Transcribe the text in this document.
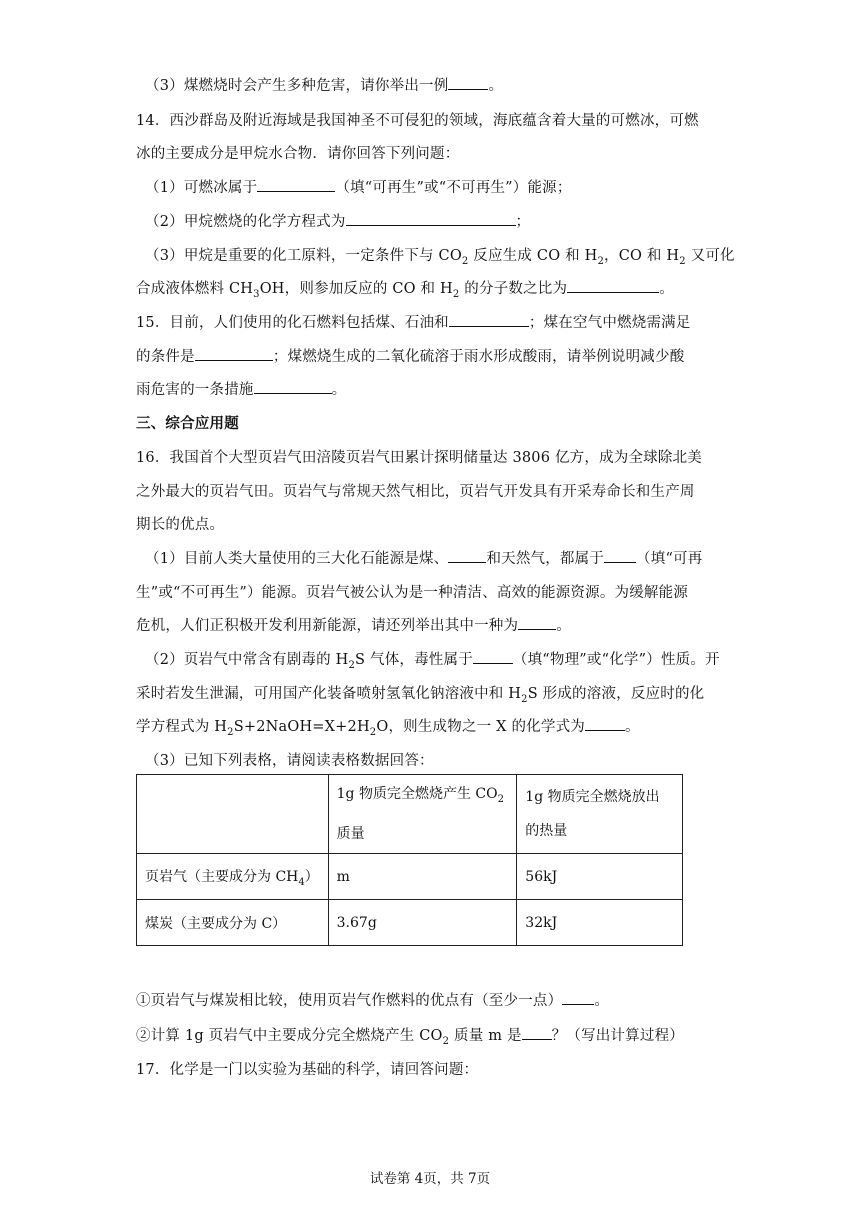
（3）煤燃烧时会产生多种危害，请你举出一例	。
14．西沙群岛及附近海域是我国神圣不可侵犯的领域，海底蕴含着大量的可燃冰，可燃
冰的主要成分是甲烷水合物．请你回答下列问题：
（1）可燃冰属于	（填“可再生”或“不可再生”）能源；
（2）甲烷燃烧的化学方程式为	；
（3）甲烷是重要的化工原料，一定条件下与 $CO_2$ 反应生成 CO 和 $H_2$，CO 和 $H_2$ 又可化
合成液体燃料 $CH_3OH$，则参加反应的 CO 和 $H_2$ 的分子数之比为	。
15．目前，人们使用的化石燃料包括煤、石油和	；煤在空气中燃烧需满足
的条件是	；煤燃烧生成的二氧化硫溶于雨水形成酸雨，请举例说明减少酸
雨危害的一条措施	。
三、综合应用题
16．我国首个大型页岩气田涪陵页岩气田累计探明储量达 3806 亿方，成为全球除北美
之外最大的页岩气田。页岩气与常规天然气相比，页岩气开发具有开采寿命长和生产周
期长的优点。
（1）目前人类大量使用的三大化石能源是煤、	和天然气，都属于 （填“可再
生”或“不可再生”）能源。页岩气被公认为是一种清洁、高效的能源资源。为缓解能源
危机，人们正积极开发利用新能源，请还列举出其中一种为	。
（2）页岩气中常含有剧毒的 $H_2S$ 气体，毒性属于	（填“物理”或“化学”）性质。开
采时若发生泄漏，可用国产化装备喷射氢氧化钠溶液中和 $H_2S$ 形成的溶液，反应时的化
学方程式为 $H_2S+2NaOH=X+2H_2O$，则生成物之一 X 的化学式为	。
（3）已知下列表格，请阅读表格数据回答：

	1g 物质完全燃烧产生 $CO_2$
质量	1g 物质完全燃烧放出
的热量

页岩气（主要成分为 $CH_4$）	m	56kJ
煤炭（主要成分为 C）	3.67g	32kJ
①页岩气与煤炭相比较，使用页岩气作燃料的优点有（至少一点） 。
②计算 1g 页岩气中主要成分完全燃烧产生 $CO_2$ 质量 m 是 ？（写出计算过程）
17．化学是一门以实验为基础的科学，请回答问题：
试卷第 4页，共 7页
